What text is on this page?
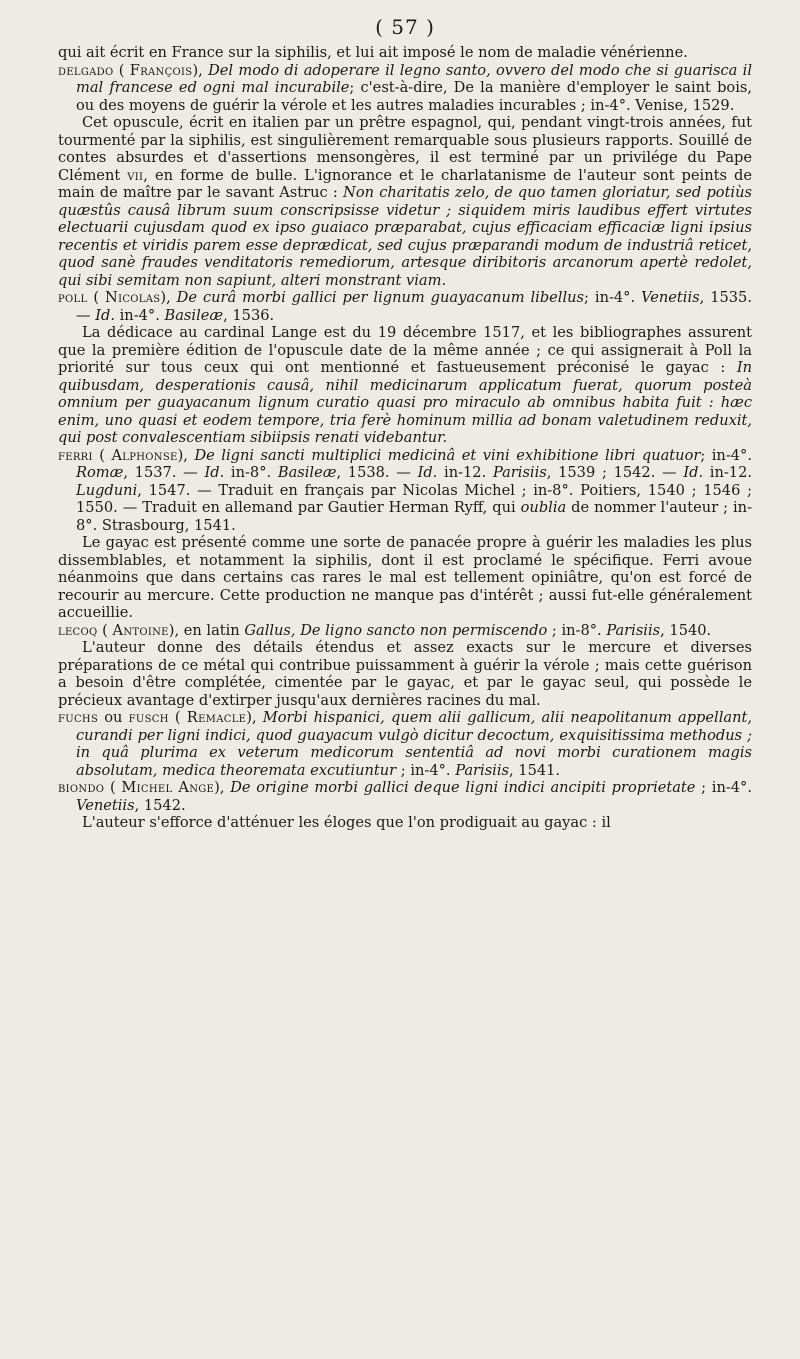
( 57 )

qui ait écrit en France sur la siphilis, et lui ait imposé le nom de maladie vénérienne.

delgado ( François), Del modo di adoperare il legno santo, ovvero del modo che si guarisca il mal francese ed ogni mal incurabile; c'est-à-dire, De la manière d'employer le saint bois, ou des moyens de guérir la vérole et les autres maladies incurables ; in-4°. Venise, 1529.

Cet opuscule, écrit en italien par un prêtre espagnol, qui, pendant vingt-trois années, fut tourmenté par la siphilis, est singulièrement remarquable sous plusieurs rapports. Souillé de contes absurdes et d'assertions mensongères, il est terminé par un privilége du Pape Clément vii, en forme de bulle. L'ignorance et le charlatanisme de l'auteur sont peints de main de maître par le savant Astruc : Non charitatis zelo, de quo tamen gloriatur, sed potiùs quæstûs causâ librum suum conscripsisse videtur ; siquidem miris laudibus effert virtutes electuarii cujusdam quod ex ipso guaiaco præparabat, cujus efficaciam efficaciæ ligni ipsius recentis et viridis parem esse deprædicat, sed cujus præparandi modum de industriâ reticet, quod sanè fraudes venditatoris remediorum, artesque diribitoris arcanorum apertè redolet, qui sibi semitam non sapiunt, alteri monstrant viam.

poll ( Nicolas), De curâ morbi gallici per lignum guayacanum libellus; in-4°. Venetiis, 1535. — Id. in-4°. Basileæ, 1536.

La dédicace au cardinal Lange est du 19 décembre 1517, et les bibliographes assurent que la première édition de l'opuscule date de la même année ; ce qui assignerait à Poll la priorité sur tous ceux qui ont mentionné et fastueusement préconisé le gayac : In quibusdam, desperationis causâ, nihil medicinarum applicatum fuerat, quorum posteà omnium per guayacanum lignum curatio quasi pro miraculo ab omnibus habita fuit : hæc enim, uno quasi et eodem tempore, tria ferè hominum millia ad bonam valetudinem reduxit, qui post convalescentiam sibiipsis renati videbantur.

ferri ( Alphonse), De ligni sancti multiplici medicinâ et vini exhibitione libri quatuor; in-4°. Romæ, 1537. — Id. in-8°. Basileæ, 1538. — Id. in-12. Parisiis, 1539 ; 1542. — Id. in-12. Lugduni, 1547. — Traduit en français par Nicolas Michel ; in-8°. Poitiers, 1540 ; 1546 ; 1550. — Traduit en allemand par Gautier Herman Ryff, qui oublia de nommer l'auteur ; in-8°. Strasbourg, 1541.

Le gayac est présenté comme une sorte de panacée propre à guérir les maladies les plus dissemblables, et notamment la siphilis, dont il est proclamé le spécifique. Ferri avoue néanmoins que dans certains cas rares le mal est tellement opiniâtre, qu'on est forcé de recourir au mercure. Cette production ne manque pas d'intérêt ; aussi fut-elle généralement accueillie.

lecoq ( Antoine), en latin Gallus, De ligno sancto non permiscendo ; in-8°. Parisiis, 1540.

L'auteur donne des détails étendus et assez exacts sur le mercure et diverses préparations de ce métal qui contribue puissamment à guérir la vérole ; mais cette guérison a besoin d'être complétée, cimentée par le gayac, et par le gayac seul, qui possède le précieux avantage d'extirper jusqu'aux dernières racines du mal.

fuchs ou fusch ( Remacle), Morbi hispanici, quem alii gallicum, alii neapolitanum appellant, curandi per ligni indici, quod guayacum vulgò dicitur decoctum, exquisitissima methodus ; in quâ plurima ex veterum medicorum sententiâ ad novi morbi curationem magis absolutam, medica theoremata excutiuntur ; in-4°. Parisiis, 1541.

biondo ( Michel Ange), De origine morbi gallici deque ligni indici ancipiti proprietate ; in-4°. Venetiis, 1542.

L'auteur s'efforce d'atténuer les éloges que l'on prodiguait au gayac : il
